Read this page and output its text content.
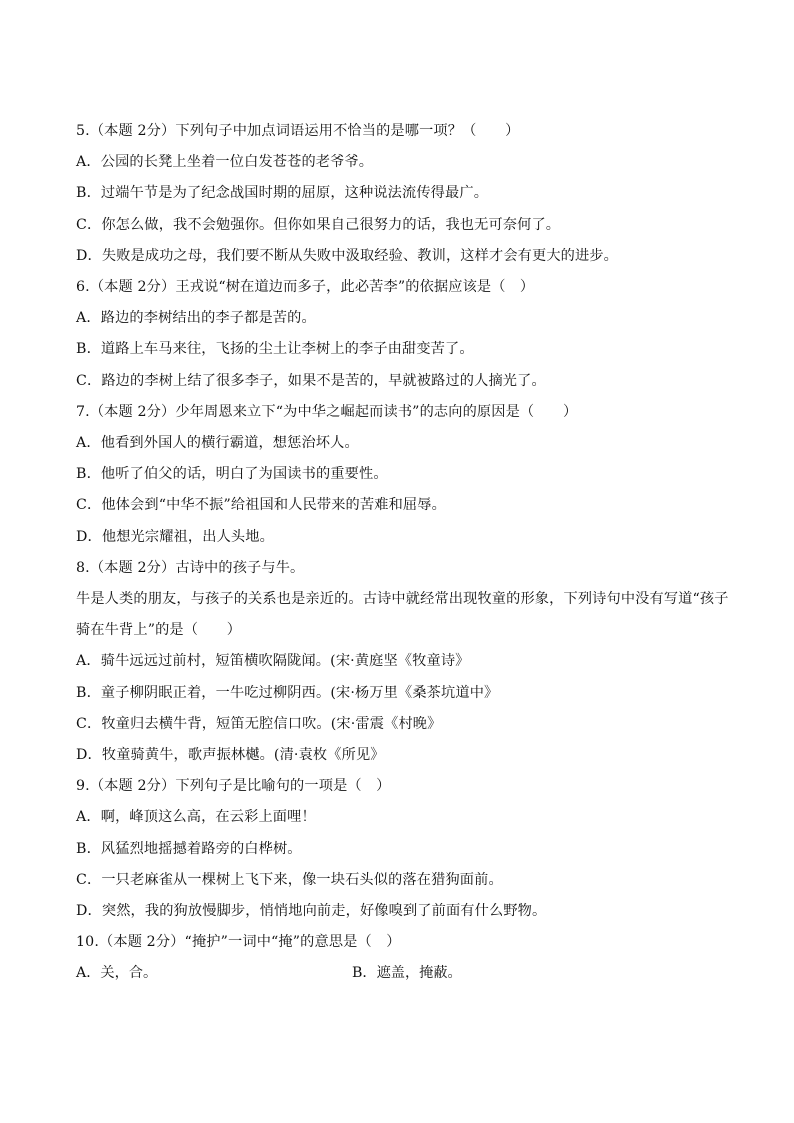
5.（本题 2分）下列句子中加点词语运用不恰当的是哪一项？（　　）
A．公园的长凳上坐着一位白发苍苍的老爷爷。
B．过端午节是为了纪念战国时期的屈原，这种说法流传得最广。
C．你怎么做，我不会勉强你。但你如果自己很努力的话，我也无可奈何了。
D．失败是成功之母，我们要不断从失败中汲取经验、教训，这样才会有更大的进步。
6.（本题 2分）王戎说“树在道边而多子，此必苦李”的依据应该是（　）
A．路边的李树结出的李子都是苦的。
B．道路上车马来往，飞扬的尘土让李树上的李子由甜变苦了。
C．路边的李树上结了很多李子，如果不是苦的，早就被路过的人摘光了。
7.（本题 2分）少年周恩来立下“为中华之崛起而读书”的志向的原因是（　　）
A．他看到外国人的横行霸道，想惩治坏人。
B．他听了伯父的话，明白了为国读书的重要性。
C．他体会到“中华不振”给祖国和人民带来的苦难和屈辱。
D．他想光宗耀祖，出人头地。
8.（本题 2分）古诗中的孩子与牛。
牛是人类的朋友，与孩子的关系也是亲近的。古诗中就经常出现牧童的形象，下列诗句中没有写道“孩子
骑在牛背上”的是（　　）
A．骑牛远远过前村，短笛横吹隔陇闻。(宋·黄庭坚《牧童诗》
B．童子柳阴眠正着，一牛吃过柳阴西。(宋·杨万里《桑茶坑道中》
C．牧童归去横牛背，短笛无腔信口吹。(宋·雷震《村晚》
D．牧童骑黄牛，歌声振林樾。(清·袁枚《所见》
9.（本题 2分）下列句子是比喻句的一项是（　）
A．啊，峰顶这么高，在云彩上面哩！
B．风猛烈地摇撼着路旁的白桦树。
C．一只老麻雀从一棵树上飞下来，像一块石头似的落在猎狗面前。
D．突然，我的狗放慢脚步，悄悄地向前走，好像嗅到了前面有什么野物。
10.（本题 2分）“掩护”一词中“掩”的意思是（　）
A．关，合。	B．遮盖，掩蔽。
